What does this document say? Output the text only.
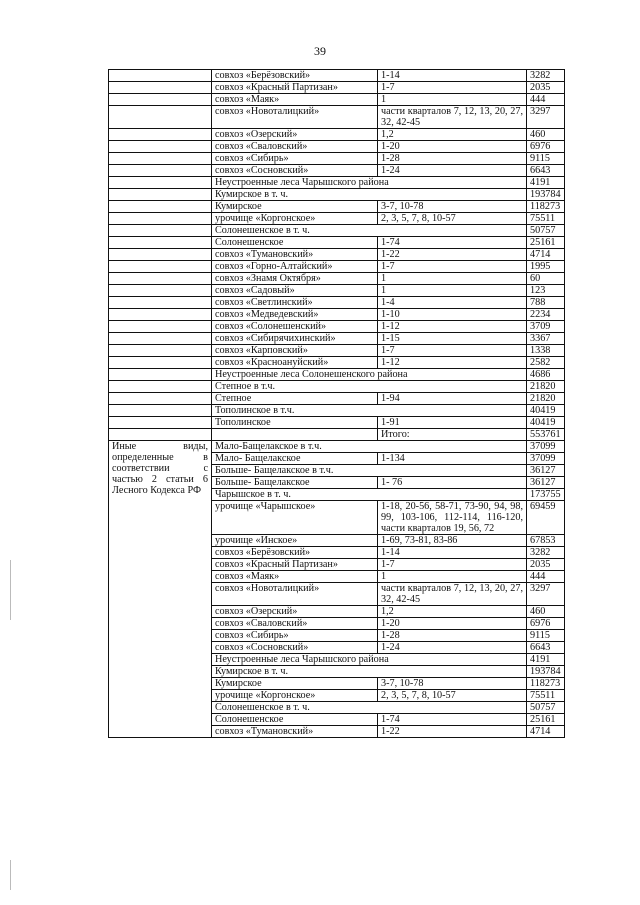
39
	совхоз «Берёзовский»	1-14	3282
	совхоз «Красный Партизан»	1-7	2035
	совхоз «Маяк»	1	444
	совхоз «Новоталицкий»	части кварталов 7, 12, 13, 20, 27, 32, 42-45	3297
	совхоз «Озерский»	1,2	460
	совхоз «Сваловский»	1-20	6976
	совхоз «Сибирь»	1-28	9115
	совхоз «Сосновский»	1-24	6643
	Неустроенные леса Чарышского района		4191
	Кумирское в т. ч.		193784
	Кумирское	3-7, 10-78	118273
	урочище «Коргонское»	2, 3, 5, 7, 8, 10-57	75511
	Солонешенское в т. ч.		50757
	Солонешенское	1-74	25161
	совхоз «Тумановский»	1-22	4714
	совхоз «Горно-Алтайский»	1-7	1995
	совхоз «Знамя Октября»	1	60
	совхоз «Садовый»	1	123
	совхоз «Светлинский»	1-4	788
	совхоз «Медведевский»	1-10	2234
	совхоз «Солонешенский»	1-12	3709
	совхоз «Сибирячихинский»	1-15	3367
	совхоз «Карповский»	1-7	1338
	совхоз «Красноануйский»	1-12	2582
	Неустроенные леса Солонешенского района		4686
	Степное в т.ч.		21820
	Степное	1-94	21820
	Тополинское в т.ч.		40419
	Тополинское	1-91	40419
		Итого:	553761
Иные виды, определенные в соответствии с частью 2 статьи 6 Лесного Кодекса РФ	Мало-Бащелакское в т.ч.		37099
	Мало- Бащелакское	1-134	37099
	Больше- Бащелакское в т.ч.		36127
	Больше- Бащелакское	1- 76	36127
	Чарышское в т. ч.		173755
	урочище «Чарышское»	1-18, 20-56, 58-71, 73-90, 94, 98, 99, 103-106, 112-114, 116-120, части кварталов 19, 56, 72	69459
	урочище «Инское»	1-69, 73-81, 83-86	67853
	совхоз «Берёзовский»	1-14	3282
	совхоз «Красный Партизан»	1-7	2035
	совхоз «Маяк»	1	444
	совхоз «Новоталицкий»	части кварталов 7, 12, 13, 20, 27, 32, 42-45	3297
	совхоз «Озерский»	1,2	460
	совхоз «Сваловский»	1-20	6976
	совхоз «Сибирь»	1-28	9115
	совхоз «Сосновский»	1-24	6643
	Неустроенные леса Чарышского района		4191
	Кумирское в т. ч.		193784
	Кумирское	3-7, 10-78	118273
	урочище «Коргонское»	2, 3, 5, 7, 8, 10-57	75511
	Солонешенское в т. ч.		50757
	Солонешенское	1-74	25161
	совхоз «Тумановский»	1-22	4714
